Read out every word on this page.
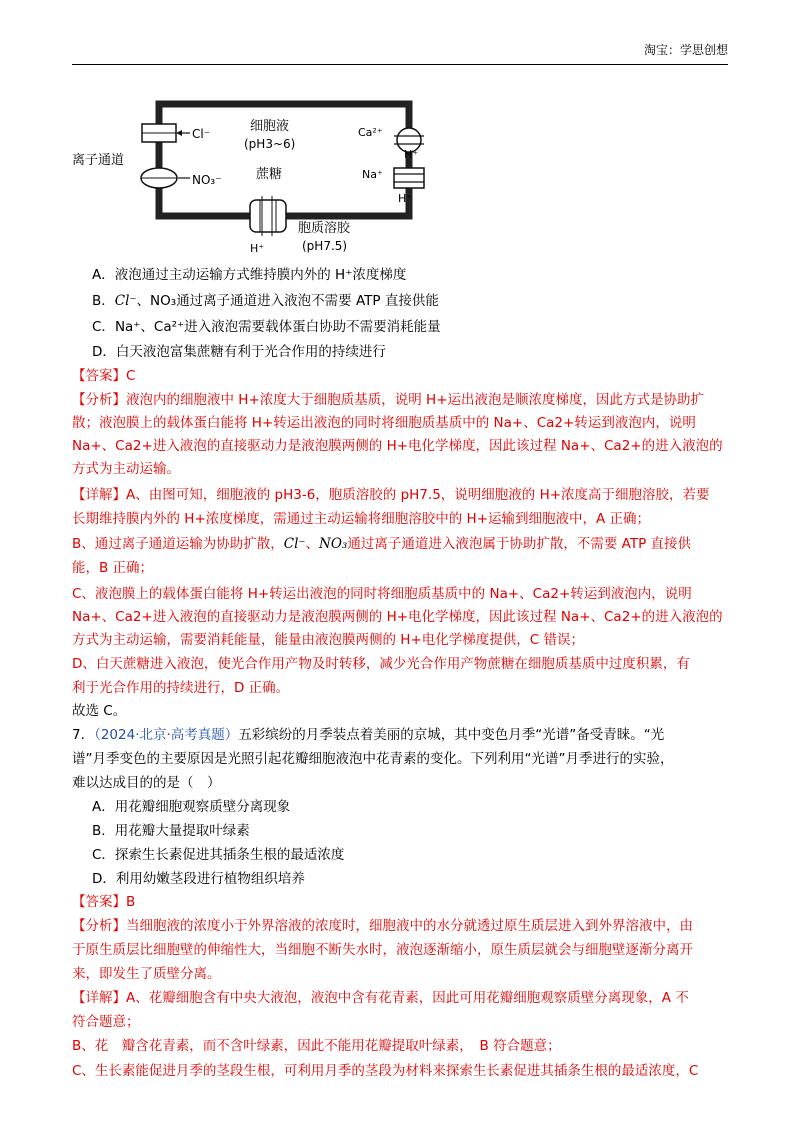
淘宝：学思创想
Cl⁻
NO₃⁻
离子通道
细胞液
(pH3~6)
蔗糖
Ca²⁺
H⁺
Na⁺
H⁺
胞质溶胶
(pH7.5)
H⁺
A．液泡通过主动运输方式维持膜内外的 H⁺浓度梯度
B．Cl⁻、NO₃通过离子通道进入液泡不需要 ATP 直接供能
C．Na⁺、Ca²⁺进入液泡需要载体蛋白协助不需要消耗能量
D．白天液泡富集蔗糖有利于光合作用的持续进行
【答案】C
【分析】液泡内的细胞液中 H+浓度大于细胞质基质，说明 H+运出液泡是顺浓度梯度，因此方式是协助扩
散；液泡膜上的载体蛋白能将 H+转运出液泡的同时将细胞质基质中的 Na+、Ca2+转运到液泡内，说明
Na+、Ca2+进入液泡的直接驱动力是液泡膜两侧的 H+电化学梯度，因此该过程 Na+、Ca2+的进入液泡的
方式为主动运输。
【详解】A、由图可知，细胞液的 pH3-6，胞质溶胶的 pH7.5，说明细胞液的 H+浓度高于细胞溶胶，若要
长期维持膜内外的 H+浓度梯度，需通过主动运输将细胞溶胶中的 H+运输到细胞液中，A 正确；
B、通过离子通道运输为协助扩散，Cl⁻、NO₃通过离子通道进入液泡属于协助扩散，不需要 ATP 直接供
能，B 正确；
C、液泡膜上的载体蛋白能将 H+转运出液泡的同时将细胞质基质中的 Na+、Ca2+转运到液泡内，说明
Na+、Ca2+进入液泡的直接驱动力是液泡膜两侧的 H+电化学梯度，因此该过程 Na+、Ca2+的进入液泡的
方式为主动运输，需要消耗能量，能量由液泡膜两侧的 H+电化学梯度提供，C 错误；
D、白天蔗糖进入液泡，使光合作用产物及时转移，减少光合作用产物蔗糖在细胞质基质中过度积累，有
利于光合作用的持续进行，D 正确。
故选 C。
7．（2024·北京·高考真题）五彩缤纷的月季装点着美丽的京城，其中变色月季“光谱”备受青睐。“光
谱”月季变色的主要原因是光照引起花瓣细胞液泡中花青素的变化。下列利用“光谱”月季进行的实验，
难以达成目的的是（　）
A．用花瓣细胞观察质壁分离现象
B．用花瓣大量提取叶绿素
C．探索生长素促进其插条生根的最适浓度
D．利用幼嫩茎段进行植物组织培养
【答案】B
【分析】当细胞液的浓度小于外界溶液的浓度时，细胞液中的水分就透过原生质层进入到外界溶液中，由
于原生质层比细胞壁的伸缩性大，当细胞不断失水时，液泡逐渐缩小，原生质层就会与细胞壁逐渐分离开
来，即发生了质壁分离。
【详解】A、花瓣细胞含有中央大液泡，液泡中含有花青素，因此可用花瓣细胞观察质壁分离现象，A 不
符合题意；
B、花　瓣含花青素，而不含叶绿素，因此不能用花瓣提取叶绿素，　B 符合题意；
C、生长素能促进月季的茎段生根，可利用月季的茎段为材料来探索生长素促进其插条生根的最适浓度，C
